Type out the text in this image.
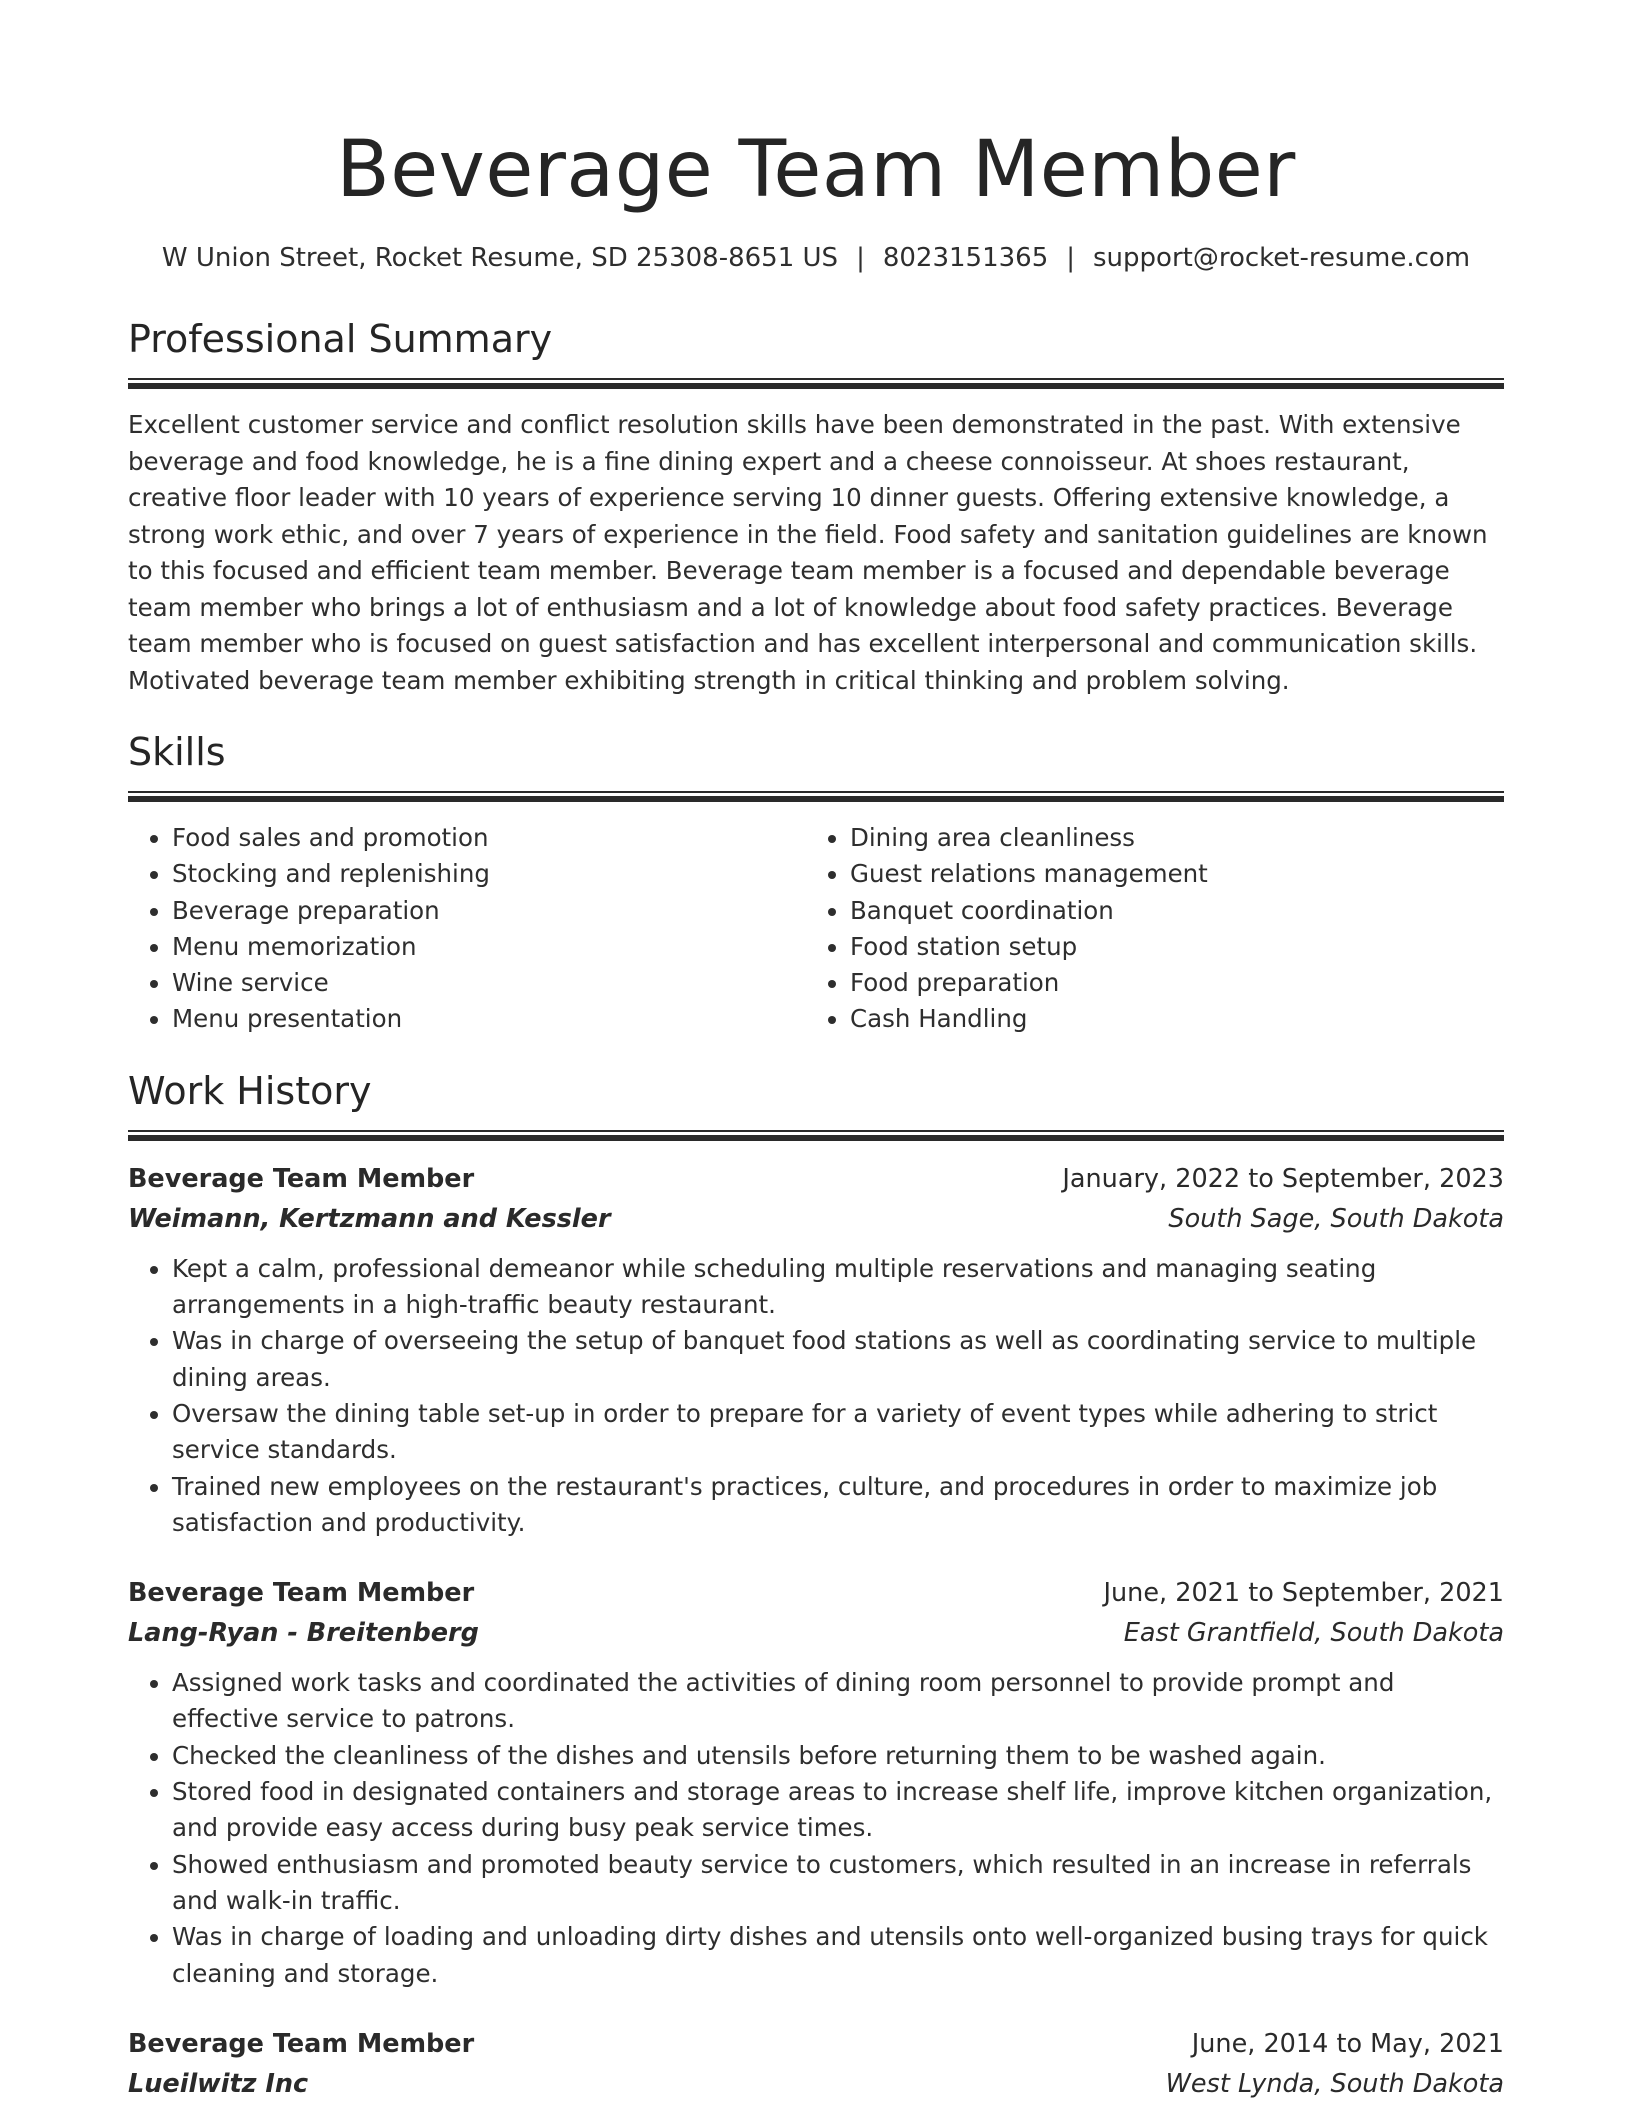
Beverage Team Member
W Union Street, Rocket Resume, SD 25308-8651 US | 8023151365 | support@rocket-resume.com
Professional Summary

Excellent customer service and conflict resolution skills have been demonstrated in the past. With extensive beverage and food knowledge, he is a fine dining expert and a cheese connoisseur. At shoes restaurant, creative floor leader with 10 years of experience serving 10 dinner guests. Offering extensive knowledge, a strong work ethic, and over 7 years of experience in the field. Food safety and sanitation guidelines are known to this focused and efficient team member. Beverage team member is a focused and dependable beverage team member who brings a lot of enthusiasm and a lot of knowledge about food safety practices. Beverage team member who is focused on guest satisfaction and has excellent interpersonal and communication skills. Motivated beverage team member exhibiting strength in critical thinking and problem solving.

Skills
• Food sales and promotion
• Stocking and replenishing
• Beverage preparation
• Menu memorization
• Wine service
• Menu presentation
• Dining area cleanliness
• Guest relations management
• Banquet coordination
• Food station setup
• Food preparation
• Cash Handling
Work History
Beverage Team Member	January, 2022 to September, 2023
Weimann, Kertzmann and Kessler	South Sage, South Dakota
• Kept a calm, professional demeanor while scheduling multiple reservations and managing seating arrangements in a high-traffic beauty restaurant.
• Was in charge of overseeing the setup of banquet food stations as well as coordinating service to multiple dining areas.
• Oversaw the dining table set-up in order to prepare for a variety of event types while adhering to strict service standards.
• Trained new employees on the restaurant's practices, culture, and procedures in order to maximize job satisfaction and productivity.
Beverage Team Member	June, 2021 to September, 2021
Lang-Ryan - Breitenberg	East Grantfield, South Dakota
• Assigned work tasks and coordinated the activities of dining room personnel to provide prompt and effective service to patrons.
• Checked the cleanliness of the dishes and utensils before returning them to be washed again.
• Stored food in designated containers and storage areas to increase shelf life, improve kitchen organization, and provide easy access during busy peak service times.
• Showed enthusiasm and promoted beauty service to customers, which resulted in an increase in referrals and walk-in traffic.
• Was in charge of loading and unloading dirty dishes and utensils onto well-organized busing trays for quick cleaning and storage.
Beverage Team Member	June, 2014 to May, 2021
Lueilwitz Inc	West Lynda, South Dakota
